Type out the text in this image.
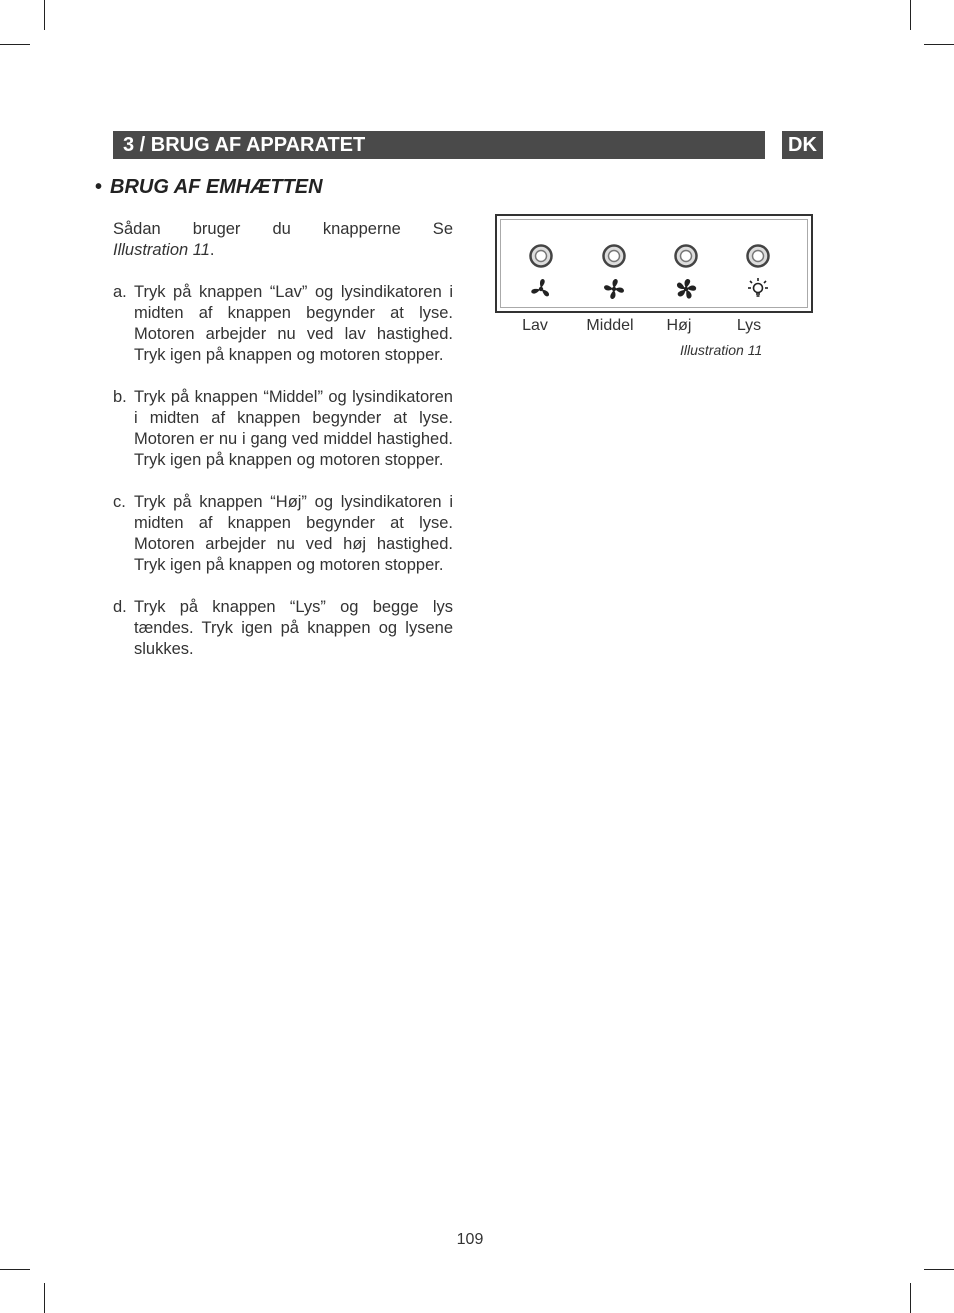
3 / BRUG AF APPARATET	DK
• BRUG AF EMHÆTTEN

Sådan bruger du knapperne Se

Illustration 11.

a. Tryk på knappen “Lav” og lysindikatoren i midten af knappen begynder at lyse. Motoren arbejder nu ved lav hastighed. Tryk igen på knappen og motoren stopper.
b. Tryk på knappen “Middel” og lysindikatoren i midten af knappen begynder at lyse. Motoren er nu i gang ved middel hastighed. Tryk igen på knappen og motoren stopper.
c. Tryk på knappen “Høj” og lysindikatoren i midten af knappen begynder at lyse. Motoren arbejder nu ved høj hastighed. Tryk igen på knappen og motoren stopper.
d. Tryk på knappen “Lys” og begge lys tændes. Tryk igen på knappen og lysene slukkes.
Lav Middel Høj	Lys
Illustration 11
109
